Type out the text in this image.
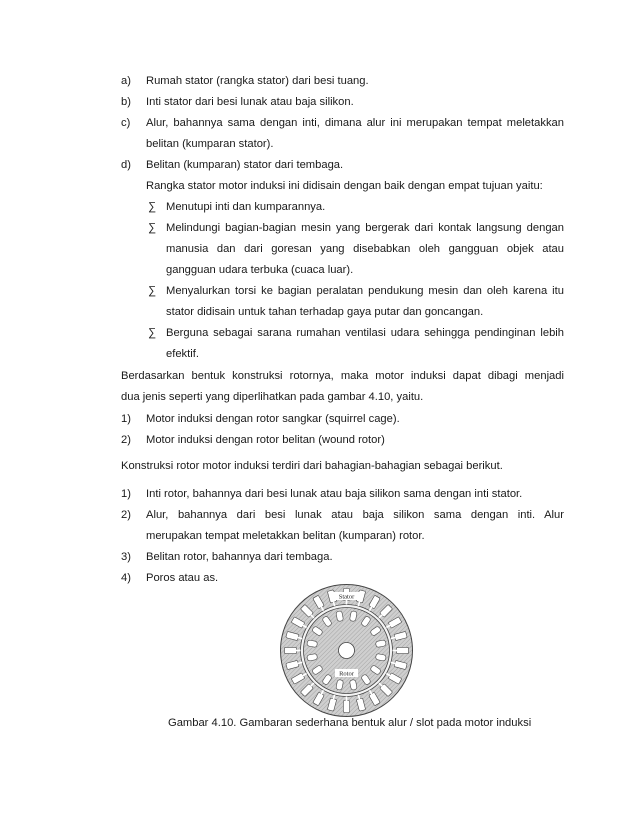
a) Rumah stator (rangka stator) dari besi tuang.
b) Inti stator dari besi lunak atau baja silikon.
c) Alur, bahannya sama dengan inti, dimana alur ini merupakan tempat meletakkan
belitan (kumparan stator).
d) Belitan (kumparan) stator dari tembaga.
Rangka stator motor induksi ini didisain dengan baik dengan empat tujuan yaitu:
∑ Menutupi inti dan kumparannya.
∑ Melindungi bagian-bagian mesin yang bergerak dari kontak langsung dengan
manusia dan dari goresan yang disebabkan oleh gangguan objek atau
gangguan udara terbuka (cuaca luar).
∑ Menyalurkan torsi ke bagian peralatan pendukung mesin dan oleh karena itu
stator didisain untuk tahan terhadap gaya putar dan goncangan.
∑ Berguna sebagai sarana rumahan ventilasi udara sehingga pendinginan lebih
efektif.
Berdasarkan bentuk konstruksi rotornya, maka motor induksi dapat dibagi menjadi
dua jenis seperti yang diperlihatkan pada gambar 4.10, yaitu.
1) Motor induksi dengan rotor sangkar (squirrel cage).
2) Motor induksi dengan rotor belitan (wound rotor)
Konstruksi rotor motor induksi terdiri dari bahagian-bahagian sebagai berikut.
1) Inti rotor, bahannya dari besi lunak atau baja silikon sama dengan inti stator.
2) Alur, bahannya dari besi lunak atau baja silikon sama dengan inti. Alur
merupakan tempat meletakkan belitan (kumparan) rotor.
3) Belitan rotor, bahannya dari tembaga.
4) Poros atau as.
Stator
Rotor
Gambar 4.10. Gambaran sederhana bentuk alur / slot pada motor induksi
